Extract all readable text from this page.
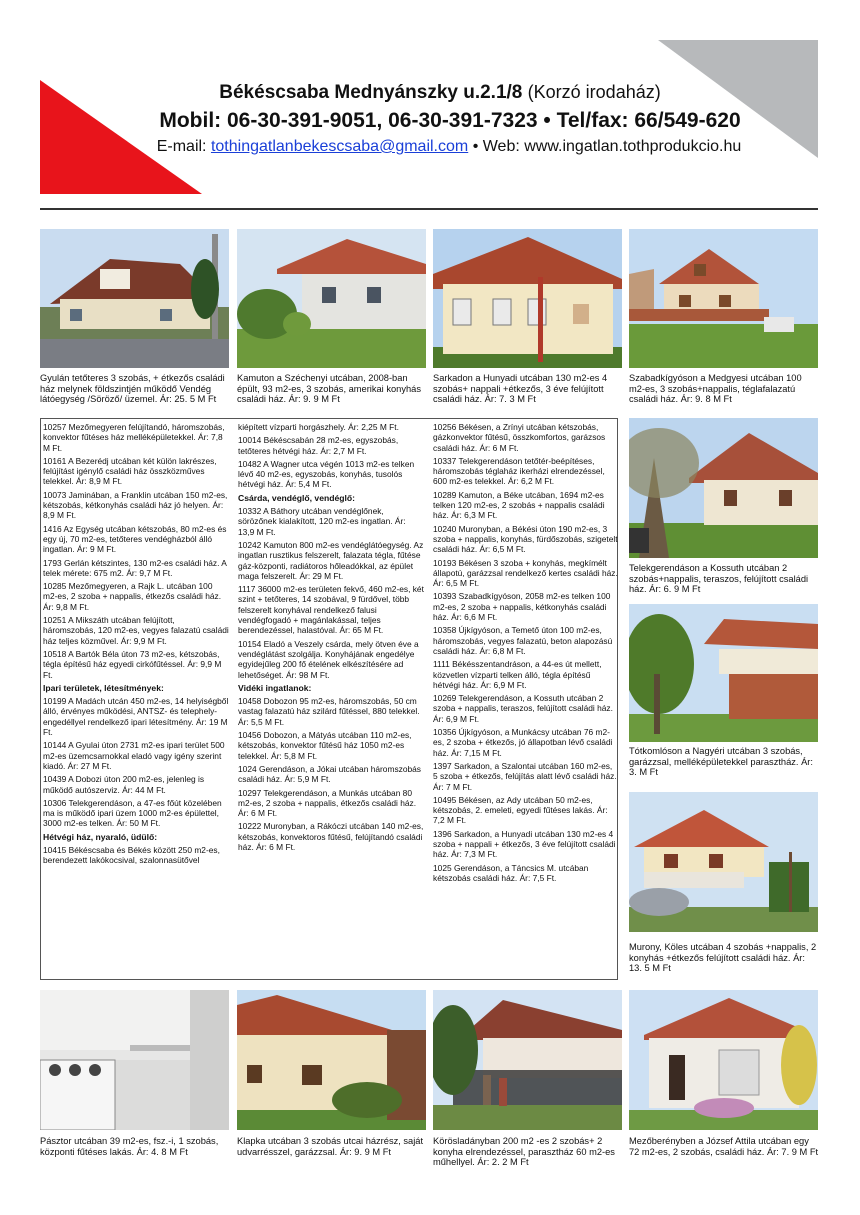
Békéscsaba Mednyánszky u.2.1/8 (Korzó irodaház)
Mobil: 06-30-391-9051, 06-30-391-7323 • Tel/fax: 66/549-620
E-mail: tothingatlanbekescsaba@gmail.com • Web: www.ingatlan.tothprodukcio.hu
Gyulán tetőteres 3 szobás, + étkezős családi ház melynek földszintjén működő Vendég látóegység /Söröző/ üzemel. Ár: 25. 5 M Ft
Kamuton a Széchenyi utcában, 2008-ban épült, 93 m2-es, 3 szobás, amerikai konyhás családi ház. Ár: 9. 9 M Ft
Sarkadon a Hunyadi utcában 130 m2-es 4 szobás+ nappali +étkezős, 3 éve felújított családi ház. Ár: 7. 3 M Ft
Szabadkígyóson a Medgyesi utcában 100 m2-es, 3 szobás+nappalis, téglafalazatú családi ház. Ár: 9. 8 M Ft

10257 Mezőmegyeren felújítandó, háromszobás, konvektor fűtéses ház melléképületekkel. Ár: 7,8 M Ft.

10161 A Bezerédj utcában két külön lakrészes, felújítást igénylő családi ház összközműves telekkel. Ár: 8,9 M Ft.

10073 Jaminában, a Franklin utcában 150 m2-es, kétszobás, kétkonyhás családi ház jó helyen. Ár: 8,9 M Ft.

1416 Az Egység utcában kétszobás, 80 m2-es és egy új, 70 m2-es, tetőteres vendégházból álló ingatlan. Ár: 9 M Ft.

1793 Gerlán kétszintes, 130 m2-es családi ház. A telek mérete: 675 m2. Ár: 9,7 M Ft.

10285 Mezőmegyeren, a Rajk L. utcában 100 m2-es, 2 szoba + nappalis, étkezős családi ház. Ár: 9,8 M Ft.

10251 A Mikszáth utcában felújított, háromszobás, 120 m2-es, vegyes falazatú családi ház teljes közművel. Ár: 9,9 M Ft.

10518 A Bartók Béla úton 73 m2-es, kétszobás, tégla építésű ház egyedi cirkófűtéssel. Ár: 9,9 M Ft.

Ipari területek, létesítmények:

10199 A Madách utcán 450 m2-es, 14 helyiségből álló, érvényes működési, ANTSZ- és telephely-engedéllyel rendelkező ipari létesítmény. Ár: 19 M Ft.

10144 A Gyulai úton 2731 m2-es ipari terület 500 m2-es üzemcsarnokkal eladó vagy igény szerint kiadó. Ár: 27 M Ft.

10439 A Dobozi úton 200 m2-es, jelenleg is működő autószerviz. Ár: 44 M Ft.

10306 Telekgerendáson, a 47-es főút közelében ma is működő ipari üzem 1000 m2-es épülettel, 3000 m2-es telken. Ár: 50 M Ft.

Hétvégi ház, nyaraló, üdülő:

10415 Békéscsaba és Békés között 250 m2-es, berendezett lakókocsival, szalonnasütővel

kiépített vízparti horgászhely. Ár: 2,25 M Ft.

10014 Békéscsabán 28 m2-es, egyszobás, tetőteres hétvégi ház. Ár: 2,7 M Ft.

10482 A Wagner utca végén 1013 m2-es telken lévő 40 m2-es, egyszobás, konyhás, tusolós hétvégi ház. Ár: 5,4 M Ft.

Csárda, vendéglő, vendéglő:

10332 A Báthory utcában vendéglőnek, sörözőnek kialakított, 120 m2-es ingatlan. Ár: 13,9 M Ft.

10242 Kamuton 800 m2-es vendéglátóegység. Az ingatlan rusztikus felszerelt, falazata tégla, fűtése gáz-központi, radiátoros hőleadókkal, az épület maga felszerelt. Ár: 29 M Ft.

1117 36000 m2-es területen fekvő, 460 m2-es, két szint + tetőteres, 14 szobával, 9 fürdővel, több felszerelt konyhával rendelkező falusi vendégfogadó + magánlakással, teljes berendezéssel, halastóval. Ár: 65 M Ft.

10154 Eladó a Veszely csárda, mely ötven éve a vendéglátást szolgálja. Konyhájának engedélye egyidejűleg 200 fő ételének elkészítésére ad lehetőséget. Ár: 98 M Ft.

Vidéki ingatlanok:

10458 Dobozon 95 m2-es, háromszobás, 50 cm vastag falazatú ház szilárd fűtéssel, 880 telekkel. Ár: 5,5 M Ft.

10456 Dobozon, a Mátyás utcában 110 m2-es, kétszobás, konvektor fűtésű ház 1050 m2-es telekkel. Ár: 5,8 M Ft.

1024 Gerendáson, a Jókai utcában háromszobás családi ház. Ár: 5,9 M Ft.

10297 Telekgerendáson, a Munkás utcában 80 m2-es, 2 szoba + nappalis, étkezős családi ház. Ár: 6 M Ft.

10222 Muronyban, a Rákóczi utcában 140 m2-es, kétszobás, konvektoros fűtésű, felújítandó családi ház. Ár: 6 M Ft.

10256 Békésen, a Zrínyi utcában kétszobás, gázkonvektor fűtésű, összkomfortos, garázsos családi ház. Ár: 6 M Ft.

10337 Telekgerendáson tetőtér-beépítéses, háromszobás téglaház ikerházi elrendezéssel, 600 m2-es telekkel. Ár: 6,2 M Ft.

10289 Kamuton, a Béke utcában, 1694 m2-es telken 120 m2-es, 2 szobás + nappalis családi ház. Ár: 6,3 M Ft.

10240 Muronyban, a Békési úton 190 m2-es, 3 szoba + nappalis, konyhás, fürdőszobás, szigetelt családi ház. Ár: 6,5 M Ft.

10193 Békésen 3 szoba + konyhás, megkímélt állapotú, garázzsal rendelkező kertes családi ház. Ár: 6,5 M Ft.

10393 Szabadkígyóson, 2058 m2-es telken 100 m2-es, 2 szoba + nappalis, kétkonyhás családi ház. Ár: 6,6 M Ft.

10358 Újkígyóson, a Temető úton 100 m2-es, háromszobás, vegyes falazatú, beton alapozású családi ház. Ár: 6,8 M Ft.

1111 Békésszentandráson, a 44-es út mellett, közvetlen vízparti telken álló, tégla építésű hétvégi ház. Ár: 6,9 M Ft.

10269 Telekgerendáson, a Kossuth utcában 2 szoba + nappalis, teraszos, felújított családi ház. Ár: 6,9 M Ft.

10356 Újkígyóson, a Munkácsy utcában 76 m2-es, 2 szoba + étkezős, jó állapotban lévő családi ház. Ár: 7,15 M Ft.

1397 Sarkadon, a Szalontai utcában 160 m2-es, 5 szoba + étkezős, felújítás alatt lévő családi ház. Ár: 7 M Ft.

10495 Békésen, az Ady utcában 50 m2-es, kétszobás, 2. emeleti, egyedi fűtéses lakás. Ár: 7,2 M Ft.

1396 Sarkadon, a Hunyadi utcában 130 m2-es 4 szoba + nappali + étkezős, 3 éve felújított családi ház. Ár: 7,3 M Ft.

1025 Gerendáson, a Táncsics M. utcában kétszobás családi ház. Ár: 7,5 Ft.

Telekgerendáson a Kossuth utcában 2 szobás+nappalis, teraszos, felújított családi ház. Ár: 6. 9 M Ft
Tótkomlóson a Nagyéri utcában 3 szobás, garázzsal, melléképületekkel parasztház. Ár: 3. M Ft
Murony, Köles utcában 4 szobás +nappalis, 2 konyhás +étkezős felújított családi ház. Ár: 13. 5 M Ft
Pásztor utcában 39 m2-es, fsz.-i, 1 szobás, központi fűtéses lakás. Ár: 4. 8 M Ft
Klapka utcában 3 szobás utcai házrész, saját udvarrésszel, garázzsal. Ár: 9. 9 M Ft
Körösladányban 200 m2 -es 2 szobás+ 2 konyha elrendezéssel, parasztház 60 m2-es műhellyel. Ár: 2. 2 M Ft
Mezőberényben a József Attila utcában egy 72 m2-es, 2 szobás, családi ház. Ár: 7. 9 M Ft
